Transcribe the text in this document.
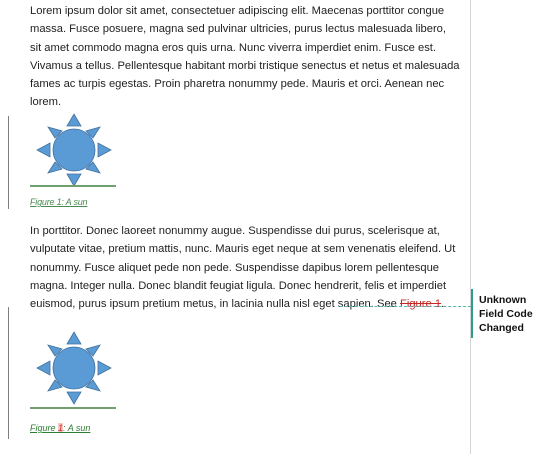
Lorem ipsum dolor sit amet, consectetuer adipiscing elit. Maecenas porttitor congue massa. Fusce posuere, magna sed pulvinar ultricies, purus lectus malesuada libero, sit amet commodo magna eros quis urna. Nunc viverra imperdiet enim. Fusce est. Vivamus a tellus. Pellentesque habitant morbi tristique senectus et netus et malesuada fames ac turpis egestas. Proin pharetra nonummy pede. Mauris et orci. Aenean nec lorem.

Figure 1: A sun

In porttitor. Donec laoreet nonummy augue. Suspendisse dui purus, scelerisque at, vulputate vitae, pretium mattis, nunc. Mauris eget neque at sem venenatis eleifend. Ut nonummy. Fusce aliquet pede non pede. Suspendisse dapibus lorem pellentesque magna. Integer nulla. Donec blandit feugiat ligula. Donec hendrerit, felis et imperdiet euismod, purus ipsum pretium metus, in lacinia nulla nisl eget sapien. See Figure 1.

Figure 1: A sun
Unknown Field Code Changed
